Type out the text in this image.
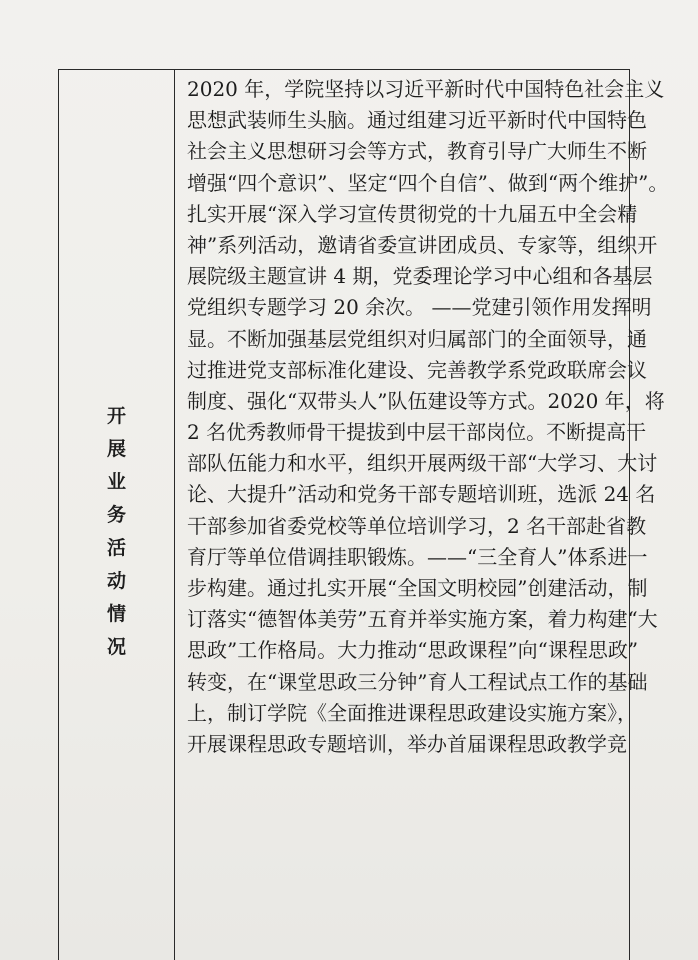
开
展
业
务
活
动
情
况
2020 年，学院坚持以习近平新时代中国特色社会主义
思想武装师生头脑。通过组建习近平新时代中国特色
社会主义思想研习会等方式，教育引导广大师生不断
增强“四个意识”、坚定“四个自信”、做到“两个维护”。
扎实开展“深入学习宣传贯彻党的十九届五中全会精
神”系列活动，邀请省委宣讲团成员、专家等，组织开
展院级主题宣讲 4 期，党委理论学习中心组和各基层
党组织专题学习 20 余次。 ——党建引领作用发挥明
显。不断加强基层党组织对归属部门的全面领导，通
过推进党支部标准化建设、完善教学系党政联席会议
制度、强化“双带头人”队伍建设等方式。2020 年，将
2 名优秀教师骨干提拔到中层干部岗位。不断提高干
部队伍能力和水平，组织开展两级干部“大学习、大讨
论、大提升”活动和党务干部专题培训班，选派 24 名
干部参加省委党校等单位培训学习，2 名干部赴省教
育厅等单位借调挂职锻炼。——“三全育人”体系进一
步构建。通过扎实开展“全国文明校园”创建活动，制
订落实“德智体美劳”五育并举实施方案，着力构建“大
思政”工作格局。大力推动“思政课程”向“课程思政”
转变，在“课堂思政三分钟”育人工程试点工作的基础
上，制订学院《全面推进课程思政建设实施方案》，
开展课程思政专题培训，举办首届课程思政教学竞
